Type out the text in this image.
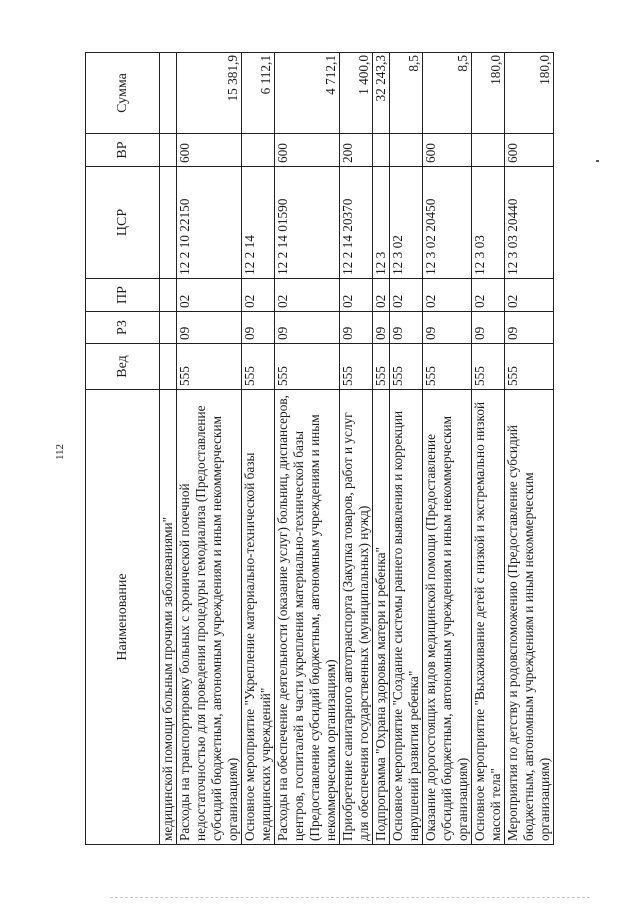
112
Наименование	Вед	РЗ	ПР	ЦСР	ВР	Сумма
медицинской помощи больным прочими заболеваниями"						
Расходы на транспортировку больных с хронической почечной недостаточностью для проведения процедуры гемодиализа (Предоставление субсидий бюджетным, автономным учреждениям и иным некоммерческим организациям)	555	09	02	12 2 10 22150	600	15 381,9
Основное мероприятие "Укрепление материально-технической базы медицинских учреждений"	555	09	02	12 2 14		6 112,1
Расходы на обеспечение деятельности (оказание услуг) больниц, диспансеров, центров, госпиталей в части укрепления материально-технической базы (Предоставление субсидий бюджетным, автономным учреждениям и иным некоммерческим организациям)	555	09	02	12 2 14 01590	600	4 712,1
Приобретение санитарного автотранспорта (Закупка товаров, работ и услуг для обеспечения государственных (муниципальных) нужд)	555	09	02	12 2 14 20370	200	1 400,0
Подпрограмма "Охрана здоровья матери и ребенка"	555	09	02	12 3		32 243,3
Основное мероприятие "Создание системы раннего выявления и коррекции нарушений развития ребенка"	555	09	02	12 3 02		8,5
Оказание дорогостоящих видов медицинской помощи (Предоставление субсидий бюджетным, автономным учреждениям и иным некоммерческим организациям)	555	09	02	12 3 02 20450	600	8,5
Основное мероприятие "Выхаживание детей с низкой и экстремально низкой массой тела"	555	09	02	12 3 03		180,0
Мероприятия по детству и родовспоможению (Предоставление субсидий бюджетным, автономным учреждениям и иным некоммерческим организациям)	555	09	02	12 3 03 20440	600	180,0
